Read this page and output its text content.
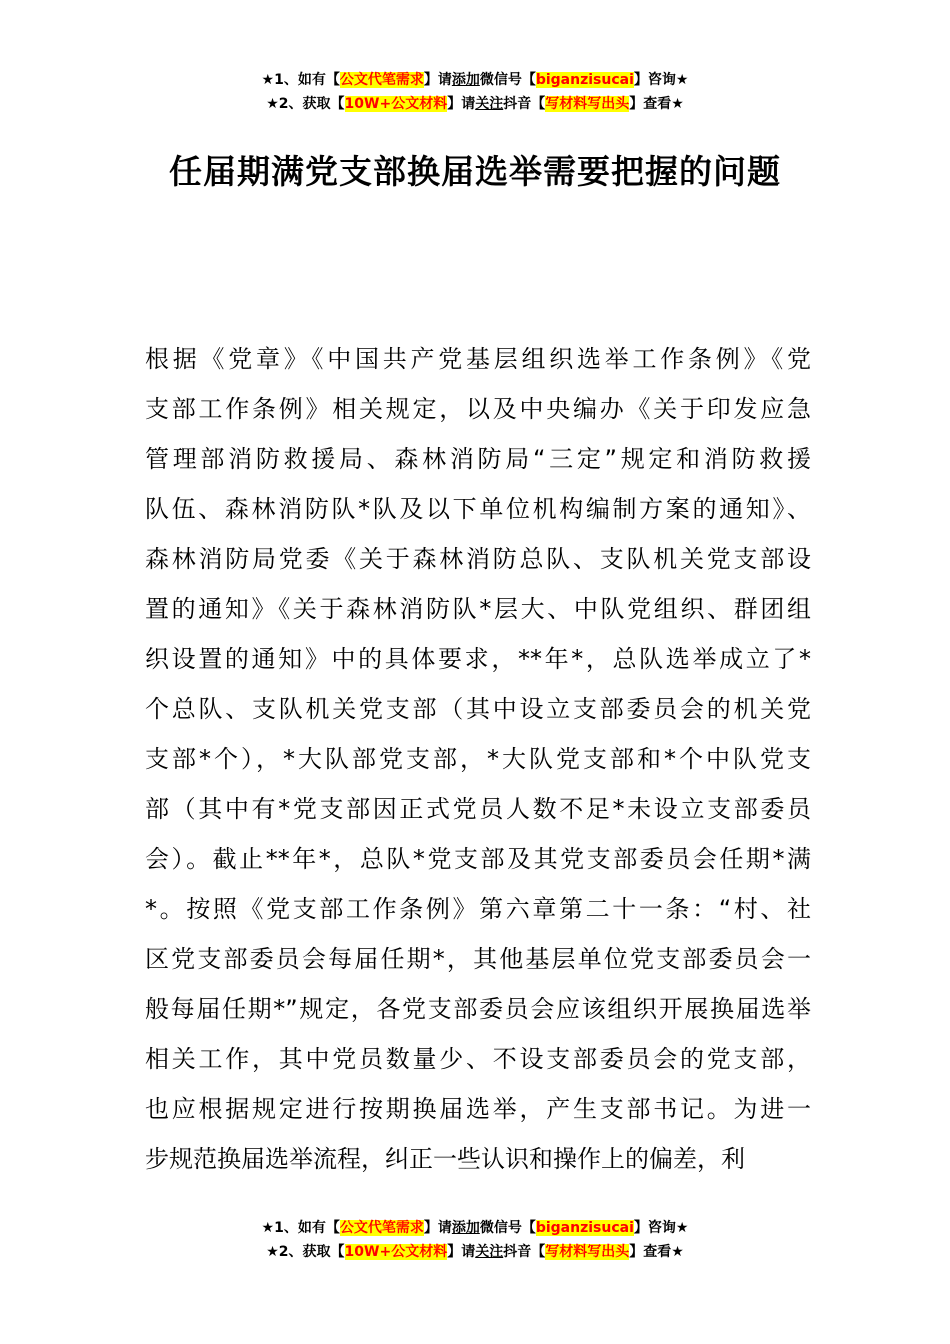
★1、如有【公文代笔需求】请添加微信号【biganzisucai】咨询★
★2、获取【10W+公文材料】请关注抖音【写材料写出头】查看★
任届期满党支部换届选举需要把握的问题
根据《党章》《中国共产党基层组织选举工作条例》《党
支部工作条例》相关规定，以及中央编办《关于印发应急
管理部消防救援局、森林消防局“三定”规定和消防救援
队伍、森林消防队*队及以下单位机构编制方案的通知》、
森林消防局党委《关于森林消防总队、支队机关党支部设
置的通知》《关于森林消防队*层大、中队党组织、群团组
织设置的通知》中的具体要求，**年*，总队选举成立了*
个总队、支队机关党支部（其中设立支部委员会的机关党
支部*个），*大队部党支部，*大队党支部和*个中队党支
部（其中有*党支部因正式党员人数不足*未设立支部委员
会）。截止**年*，总队*党支部及其党支部委员会任期*满
*。按照《党支部工作条例》第六章第二十一条：“村、社
区党支部委员会每届任期*，其他基层单位党支部委员会一
般每届任期*”规定，各党支部委员会应该组织开展换届选举
相关工作，其中党员数量少、不设支部委员会的党支部，
也应根据规定进行按期换届选举，产生支部书记。为进一
步规范换届选举流程，纠正一些认识和操作上的偏差，利
★1、如有【公文代笔需求】请添加微信号【biganzisucai】咨询★
★2、获取【10W+公文材料】请关注抖音【写材料写出头】查看★
